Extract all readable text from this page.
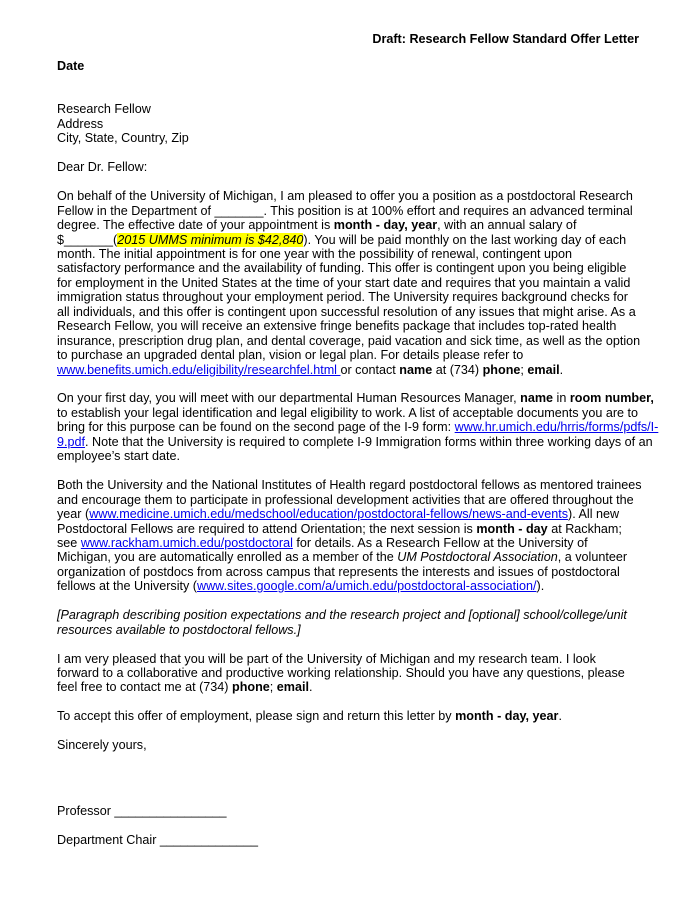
Draft: Research Fellow Standard Offer Letter
Date
Research Fellow
Address
City, State, Country, Zip
Dear Dr. Fellow:
On behalf of the University of Michigan, I am pleased to offer you a position as a postdoctoral Research
Fellow in the Department of _______. This position is at 100% effort and requires an advanced terminal
degree. The effective date of your appointment is month - day, year, with an annual salary of
$_______(2015 UMMS minimum is $42,840). You will be paid monthly on the last working day of each
month. The initial appointment is for one year with the possibility of renewal, contingent upon
satisfactory performance and the availability of funding. This offer is contingent upon you being eligible
for employment in the United States at the time of your start date and requires that you maintain a valid
immigration status throughout your employment period. The University requires background checks for
all individuals, and this offer is contingent upon successful resolution of any issues that might arise. As a
Research Fellow, you will receive an extensive fringe benefits package that includes top-rated health
insurance, prescription drug plan, and dental coverage, paid vacation and sick time, as well as the option
to purchase an upgraded dental plan, vision or legal plan. For details please refer to
www.benefits.umich.edu/eligibility/researchfel.html or contact name at (734) phone; email.
On your first day, you will meet with our departmental Human Resources Manager, name in room number,
to establish your legal identification and legal eligibility to work. A list of acceptable documents you are to
bring for this purpose can be found on the second page of the I-9 form: www.hr.umich.edu/hrris/forms/pdfs/I-
9.pdf. Note that the University is required to complete I-9 Immigration forms within three working days of an
employee’s start date.
Both the University and the National Institutes of Health regard postdoctoral fellows as mentored trainees
and encourage them to participate in professional development activities that are offered throughout the
year (www.medicine.umich.edu/medschool/education/postdoctoral-fellows/news-and-events). All new
Postdoctoral Fellows are required to attend Orientation; the next session is month - day at Rackham;
see www.rackham.umich.edu/postdoctoral for details. As a Research Fellow at the University of
Michigan, you are automatically enrolled as a member of the UM Postdoctoral Association, a volunteer
organization of postdocs from across campus that represents the interests and issues of postdoctoral
fellows at the University (www.sites.google.com/a/umich.edu/postdoctoral-association/).
[Paragraph describing position expectations and the research project and [optional] school/college/unit
resources available to postdoctoral fellows.]
I am very pleased that you will be part of the University of Michigan and my research team. I look
forward to a collaborative and productive working relationship. Should you have any questions, please
feel free to contact me at (734) phone; email.
To accept this offer of employment, please sign and return this letter by month - day, year.
Sincerely yours,
Professor ________________
Department Chair ______________
